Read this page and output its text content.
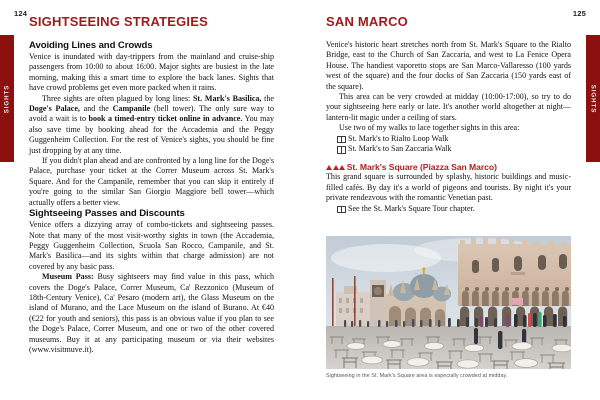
SIGHTS	SIGHTS
124	125
SIGHTSEEING STRATEGIES
Avoiding Lines and Crowds

Venice is inundated with day-trippers from the mainland and cruise-ship passengers from 10:00 to about 16:00. Major sights are busiest in the late morning, making this a smart time to explore the back lanes. Sights that have crowd problems get even more packed when it rains.

Three sights are often plagued by long lines: St. Mark's Basilica, the Doge's Palace, and the Campanile (bell tower). The only sure way to avoid a wait is to book a timed-entry ticket online in advance. You may also save time by booking ahead for the Accademia and the Peggy Guggenheim Collection. For the rest of Venice's sights, you should be fine just dropping by at any time.

If you didn't plan ahead and are confronted by a long line for the Doge's Palace, purchase your ticket at the Correr Museum across St. Mark's Square. And for the Campanile, remember that you can skip it entirely if you're going to the similar San Giorgio Maggiore bell tower—which actually offers a better view.

Sightseeing Passes and Discounts

Venice offers a dizzying array of combo-tickets and sightseeing passes. Note that many of the most visit-worthy sights in town (the Accademia, Peggy Guggenheim Collection, Scuola San Rocco, Campanile, and St. Mark's Basilica—and its sights within that charge admission) are not covered by any basic pass.

Museum Pass: Busy sightseers may find value in this pass, which covers the Doge's Palace, Correr Museum, Ca' Rezzonico (Museum of 18th-Century Venice), Ca' Pesaro (modern art), the Glass Museum on the island of Murano, and the Lace Museum on the island of Burano. At €40 (€22 for youth and seniors), this pass is an obvious value if you plan to see the Doge's Palace, Correr Museum, and one or two of the other covered museums. Buy it at any participating museum or via their websites (www.visitmuve.it).

SAN MARCO

Venice's historic heart stretches north from St. Mark's Square to the Rialto Bridge, east to the Church of San Zaccaria, and west to La Fenice Opera House. The handiest vaporetto stops are San Marco-Vallaresso (100 yards west of the square) and the four docks of San Zaccaria (150 yards east of the square).

This area can be very crowded at midday (10:00-17:00), so try to do your sightseeing here early or late. It's another world altogether at night—lantern-lit magic under a ceiling of stars.

Use two of my walks to lace together sights in this area:

St. Mark's to Rialto Loop Walk
St. Mark's to San Zaccaria Walk
St. Mark's Square (Piazza San Marco)

This grand square is surrounded by splashy, historic buildings and music-filled cafés. By day it's a world of pigeons and tourists. By night it's your private rendezvous with the romantic Venetian past.

See the St. Mark's Square Tour chapter.

Sightseeing in the St. Mark's Square area is especially crowded at midday.
